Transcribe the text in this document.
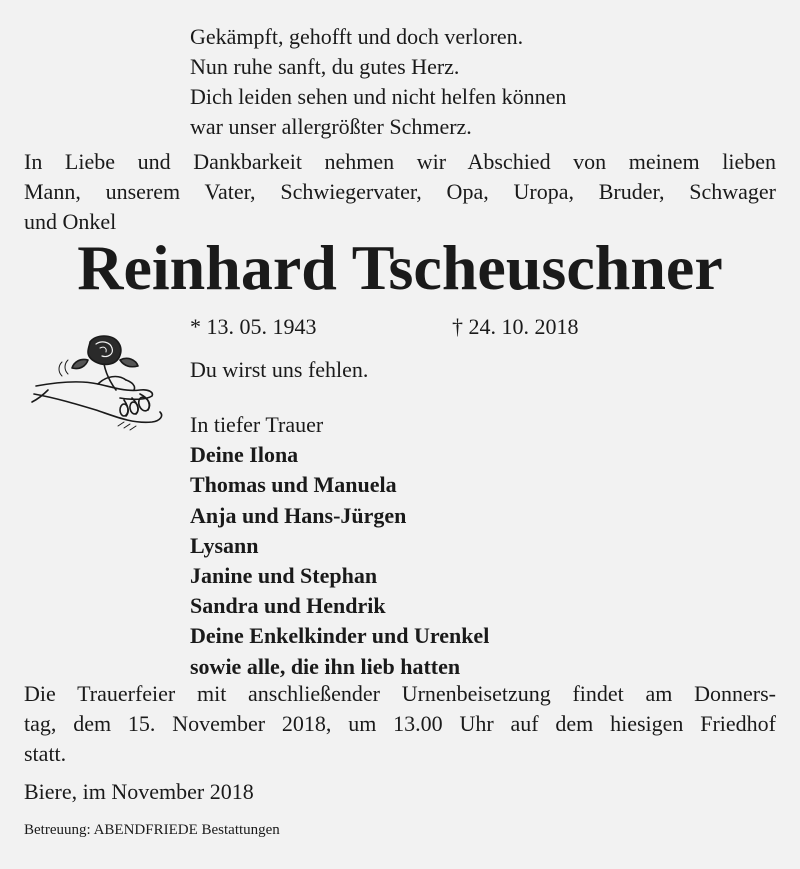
Gekämpft, gehofft und doch verloren.
Nun ruhe sanft, du gutes Herz.
Dich leiden sehen und nicht helfen können
war unser allergrößter Schmerz.
In Liebe und Dankbarkeit nehmen wir Abschied von meinem lieben
Mann, unserem Vater, Schwiegervater, Opa, Uropa, Bruder, Schwager
und Onkel
Reinhard Tscheuschner
* 13. 05. 1943	† 24. 10. 2018
Du wirst uns fehlen.
In tiefer Trauer
Deine Ilona
Thomas und Manuela
Anja und Hans-Jürgen
Lysann
Janine und Stephan
Sandra und Hendrik
Deine Enkelkinder und Urenkel
sowie alle, die ihn lieb hatten
Die Trauerfeier mit anschließender Urnenbeisetzung findet am Donners-
tag, dem 15. November 2018, um 13.00 Uhr auf dem hiesigen Friedhof
statt.
Biere, im November 2018
Betreuung: ABENDFRIEDE Bestattungen
